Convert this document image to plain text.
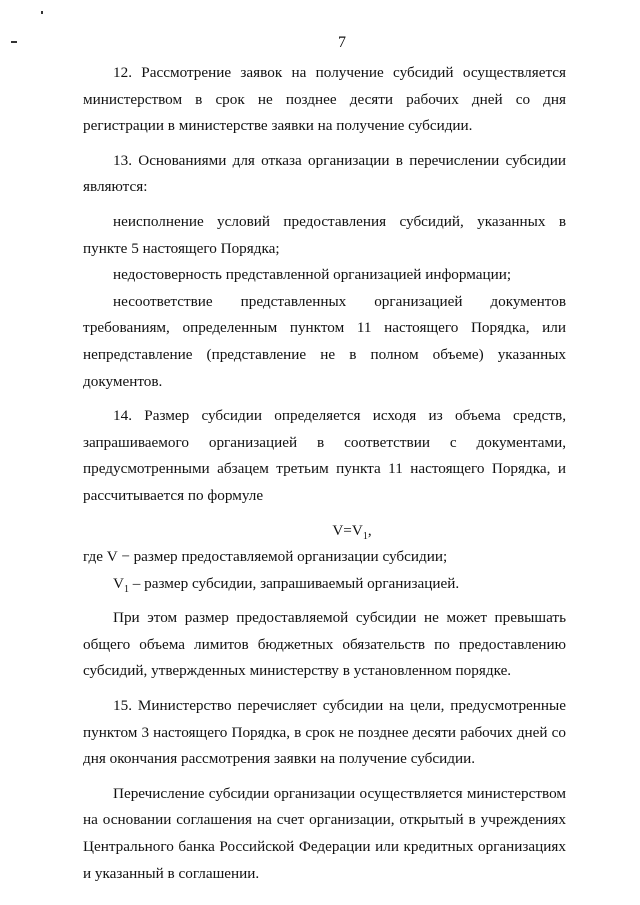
7

12. Рассмотрение заявок на получение субсидий осуществляется министерством в срок не позднее десяти рабочих дней со дня регистрации в министерстве заявки на получение субсидии.

13. Основаниями для отказа организации в перечислении субсидии являются:

неисполнение условий предоставления субсидий, указанных в пункте 5 настоящего Порядка;

недостоверность представленной организацией информации;

несоответствие представленных организацией документов требованиям, определенным пунктом 11 настоящего Порядка, или непредставление (представление не в полном объеме) указанных документов.

14. Размер субсидии определяется исходя из объема средств, запрашиваемого организацией в соответствии с документами, предусмотренными абзацем третьим пункта 11 настоящего Порядка, и рассчитывается по формуле

$V=V_1$,

где V − размер предоставляемой организации субсидии;

$V_1$ – размер субсидии, запрашиваемый организацией.

При этом размер предоставляемой субсидии не может превышать общего объема лимитов бюджетных обязательств по предоставлению субсидий, утвержденных министерству в установленном порядке.

15. Министерство перечисляет субсидии на цели, предусмотренные пунктом 3 настоящего Порядка, в срок не позднее десяти рабочих дней со дня окончания рассмотрения заявки на получение субсидии.

Перечисление субсидии организации осуществляется министерством на основании соглашения на счет организации, открытый в учреждениях Центрального банка Российской Федерации или кредитных организациях и указанный в соглашении.
